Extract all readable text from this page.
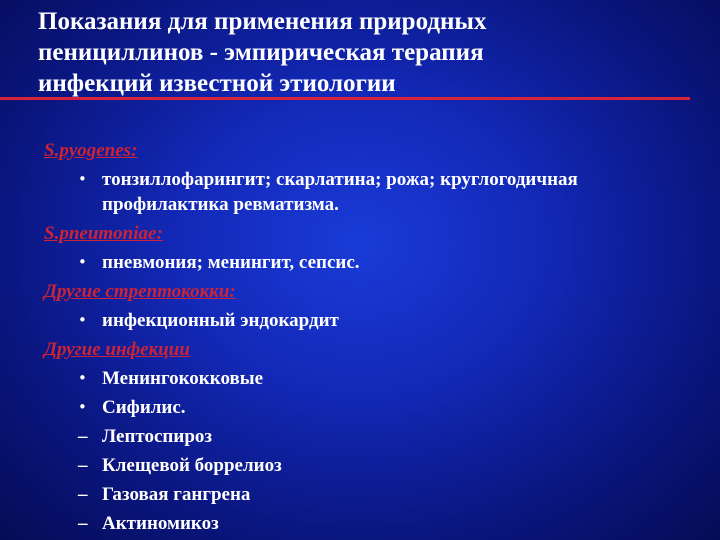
Показания для применения природных
пенициллинов - эмпирическая терапия
инфекций известной этиологии
S.pyogenes:
• тонзиллофарингит; скарлатина; рожа; круглогодичная
профилактика ревматизма.
S.pneumoniae:
• пневмония; менингит, сепсис.
Другие стрептококки:
• инфекционный эндокардит
Другие инфекции
• Менингококковые
• Сифилис.
– Лептоспироз
– Клещевой боррелиоз
– Газовая гангрена
– Актиномикоз
